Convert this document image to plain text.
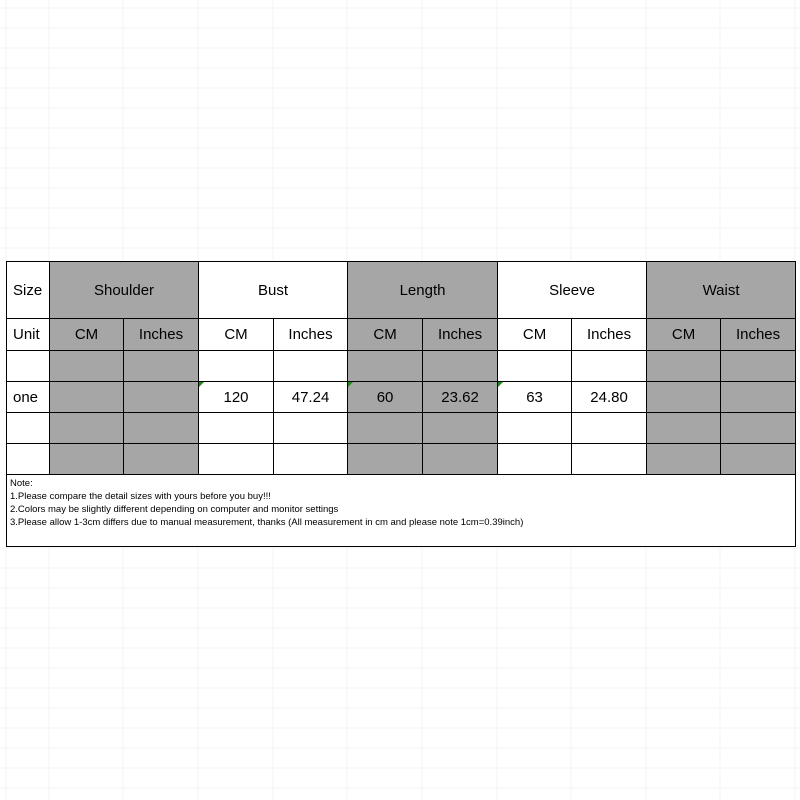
Size	Shoulder		Bust		Length		Sleeve		Waist	
Unit	CM	Inches	CM	Inches	CM	Inches	CM	Inches	CM	Inches

one			120	47.24	60	23.62	63	24.80		

Note:
1.Please compare the detail sizes with yours before you buy!!!
2.Colors may be slightly different depending on computer and monitor settings
3.Please allow 1-3cm differs due to manual measurement, thanks (All measurement in cm and please note 1cm=0.39inch)										
